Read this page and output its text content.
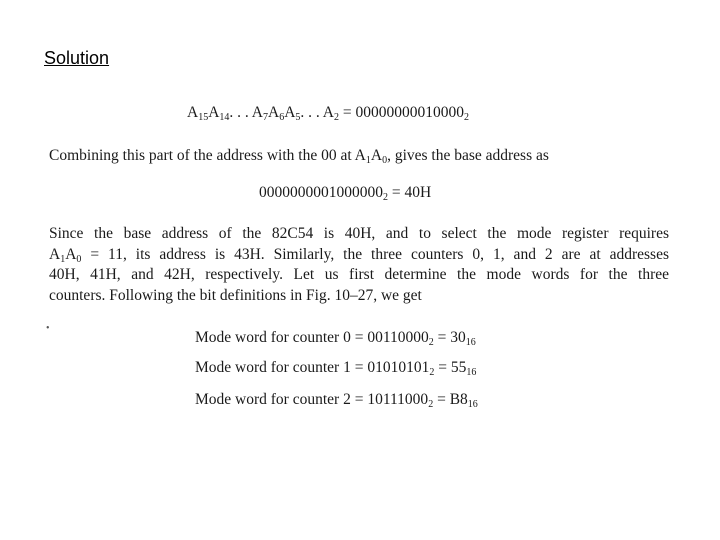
Solution
$A_{15}A_{14}$. . . $A_7A_6A_5$. . . $A_2 = 00000000010000_2$
Combining this part of the address with the 00 at $A_1A_0$, gives the base address as
$0000000001000000_2 = 40H$
Since the base address of the 82C54 is 40H, and to select the mode register requires
$A_1A_0 = 11$, its address is 43H. Similarly, the three counters 0, 1, and 2 are at addresses
40H, 41H, and 42H, respectively. Let us first determine the mode words for the three
counters. Following the bit definitions in Fig. 10–27, we get
•
Mode word for counter $0 = 00110000_2 = 30_{16}$
Mode word for counter $1 = 01010101_2 = 55_{16}$
Mode word for counter $2 = 10111000_2 = B8_{16}$
